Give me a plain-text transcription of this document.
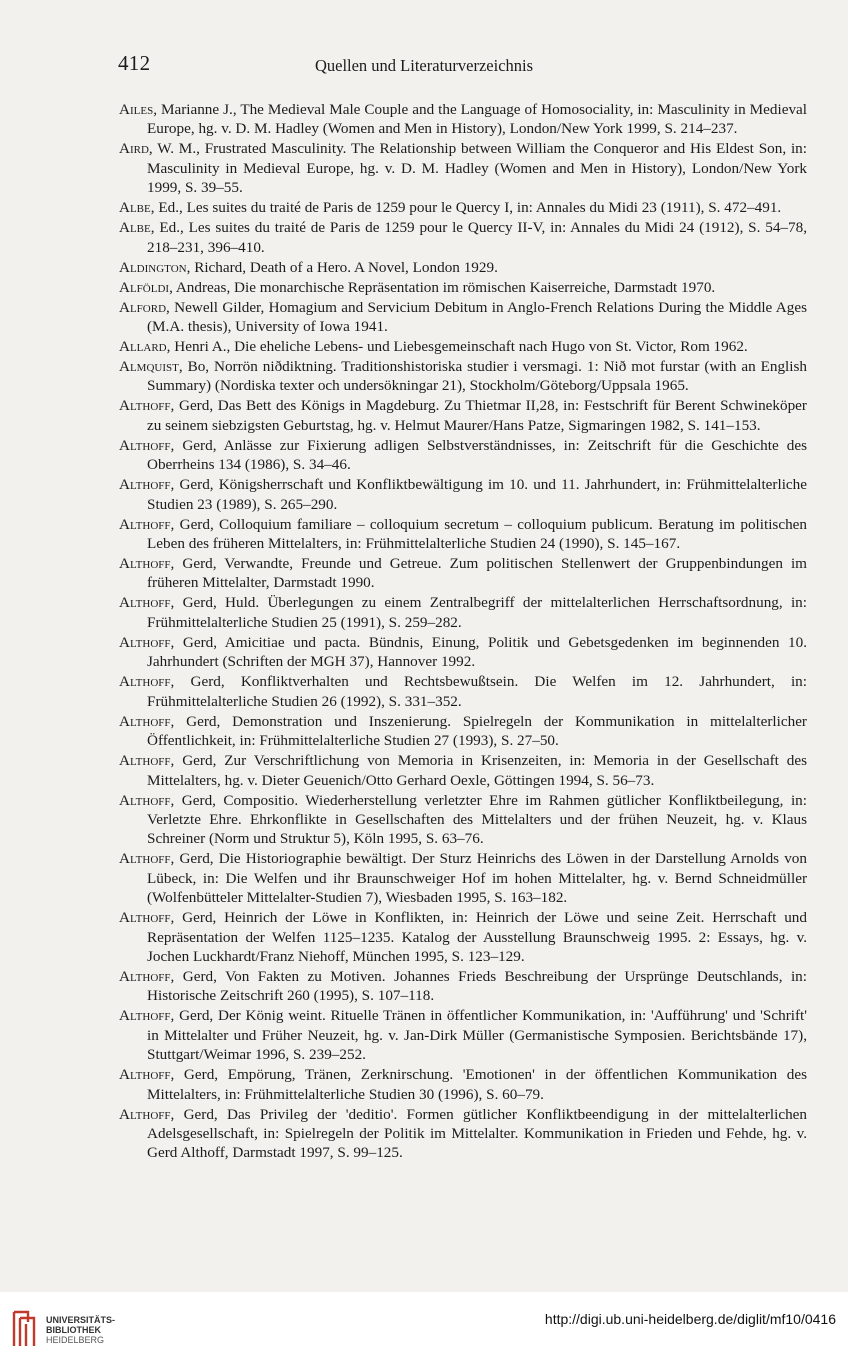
412	Quellen und Literaturverzeichnis
Ailes, Marianne J., The Medieval Male Couple and the Language of Homosociality, in: Masculinity in Medieval Europe, hg. v. D. M. Hadley (Women and Men in History), London/New York 1999, S. 214–237.
Aird, W. M., Frustrated Masculinity. The Relationship between William the Conqueror and His Eldest Son, in: Masculinity in Medieval Europe, hg. v. D. M. Hadley (Women and Men in History), London/New York 1999, S. 39–55.
Albe, Ed., Les suites du traité de Paris de 1259 pour le Quercy I, in: Annales du Midi 23 (1911), S. 472–491.
Albe, Ed., Les suites du traité de Paris de 1259 pour le Quercy II-V, in: Annales du Midi 24 (1912), S. 54–78, 218–231, 396–410.
Aldington, Richard, Death of a Hero. A Novel, London 1929.
Alföldi, Andreas, Die monarchische Repräsentation im römischen Kaiserreiche, Darmstadt 1970.
Alford, Newell Gilder, Homagium and Servicium Debitum in Anglo-French Relations During the Middle Ages (M.A. thesis), University of Iowa 1941.
Allard, Henri A., Die eheliche Lebens- und Liebesgemeinschaft nach Hugo von St. Victor, Rom 1962.
Almquist, Bo, Norrön niðdiktning. Traditionshistoriska studier i versmagi. 1: Nið mot furstar (with an English Summary) (Nordiska texter och undersökningar 21), Stockholm/Göteborg/Uppsala 1965.
Althoff, Gerd, Das Bett des Königs in Magdeburg. Zu Thietmar II,28, in: Festschrift für Berent Schwineköper zu seinem siebzigsten Geburtstag, hg. v. Helmut Maurer/Hans Patze, Sigmaringen 1982, S. 141–153.
Althoff, Gerd, Anlässe zur Fixierung adligen Selbstverständnisses, in: Zeitschrift für die Geschichte des Oberrheins 134 (1986), S. 34–46.
Althoff, Gerd, Königsherrschaft und Konfliktbewältigung im 10. und 11. Jahrhundert, in: Frühmittelalterliche Studien 23 (1989), S. 265–290.
Althoff, Gerd, Colloquium familiare – colloquium secretum – colloquium publicum. Beratung im politischen Leben des früheren Mittelalters, in: Frühmittelalterliche Studien 24 (1990), S. 145–167.
Althoff, Gerd, Verwandte, Freunde und Getreue. Zum politischen Stellenwert der Gruppenbindungen im früheren Mittelalter, Darmstadt 1990.
Althoff, Gerd, Huld. Überlegungen zu einem Zentralbegriff der mittelalterlichen Herrschaftsordnung, in: Frühmittelalterliche Studien 25 (1991), S. 259–282.
Althoff, Gerd, Amicitiae und pacta. Bündnis, Einung, Politik und Gebetsgedenken im beginnenden 10. Jahrhundert (Schriften der MGH 37), Hannover 1992.
Althoff, Gerd, Konfliktverhalten und Rechtsbewußtsein. Die Welfen im 12. Jahrhundert, in: Frühmittelalterliche Studien 26 (1992), S. 331–352.
Althoff, Gerd, Demonstration und Inszenierung. Spielregeln der Kommunikation in mittelalterlicher Öffentlichkeit, in: Frühmittelalterliche Studien 27 (1993), S. 27–50.
Althoff, Gerd, Zur Verschriftlichung von Memoria in Krisenzeiten, in: Memoria in der Gesellschaft des Mittelalters, hg. v. Dieter Geuenich/Otto Gerhard Oexle, Göttingen 1994, S. 56–73.
Althoff, Gerd, Compositio. Wiederherstellung verletzter Ehre im Rahmen gütlicher Konfliktbeilegung, in: Verletzte Ehre. Ehrkonflikte in Gesellschaften des Mittelalters und der frühen Neuzeit, hg. v. Klaus Schreiner (Norm und Struktur 5), Köln 1995, S. 63–76.
Althoff, Gerd, Die Historiographie bewältigt. Der Sturz Heinrichs des Löwen in der Darstellung Arnolds von Lübeck, in: Die Welfen und ihr Braunschweiger Hof im hohen Mittelalter, hg. v. Bernd Schneidmüller (Wolfenbütteler Mittelalter-Studien 7), Wiesbaden 1995, S. 163–182.
Althoff, Gerd, Heinrich der Löwe in Konflikten, in: Heinrich der Löwe und seine Zeit. Herrschaft und Repräsentation der Welfen 1125–1235. Katalog der Ausstellung Braunschweig 1995. 2: Essays, hg. v. Jochen Luckhardt/Franz Niehoff, München 1995, S. 123–129.
Althoff, Gerd, Von Fakten zu Motiven. Johannes Frieds Beschreibung der Ursprünge Deutschlands, in: Historische Zeitschrift 260 (1995), S. 107–118.
Althoff, Gerd, Der König weint. Rituelle Tränen in öffentlicher Kommunikation, in: 'Aufführung' und 'Schrift' in Mittelalter und Früher Neuzeit, hg. v. Jan-Dirk Müller (Germanistische Symposien. Berichtsbände 17), Stuttgart/Weimar 1996, S. 239–252.
Althoff, Gerd, Empörung, Tränen, Zerknirschung. 'Emotionen' in der öffentlichen Kommunikation des Mittelalters, in: Frühmittelalterliche Studien 30 (1996), S. 60–79.
Althoff, Gerd, Das Privileg der 'deditio'. Formen gütlicher Konfliktbeendigung in der mittelalterlichen Adelsgesellschaft, in: Spielregeln der Politik im Mittelalter. Kommunikation in Frieden und Fehde, hg. v. Gerd Althoff, Darmstadt 1997, S. 99–125.
UNIVERSITÄTS-
BIBLIOTHEK
HEIDELBERG
http://digi.ub.uni-heidelberg.de/diglit/mf10/0416
